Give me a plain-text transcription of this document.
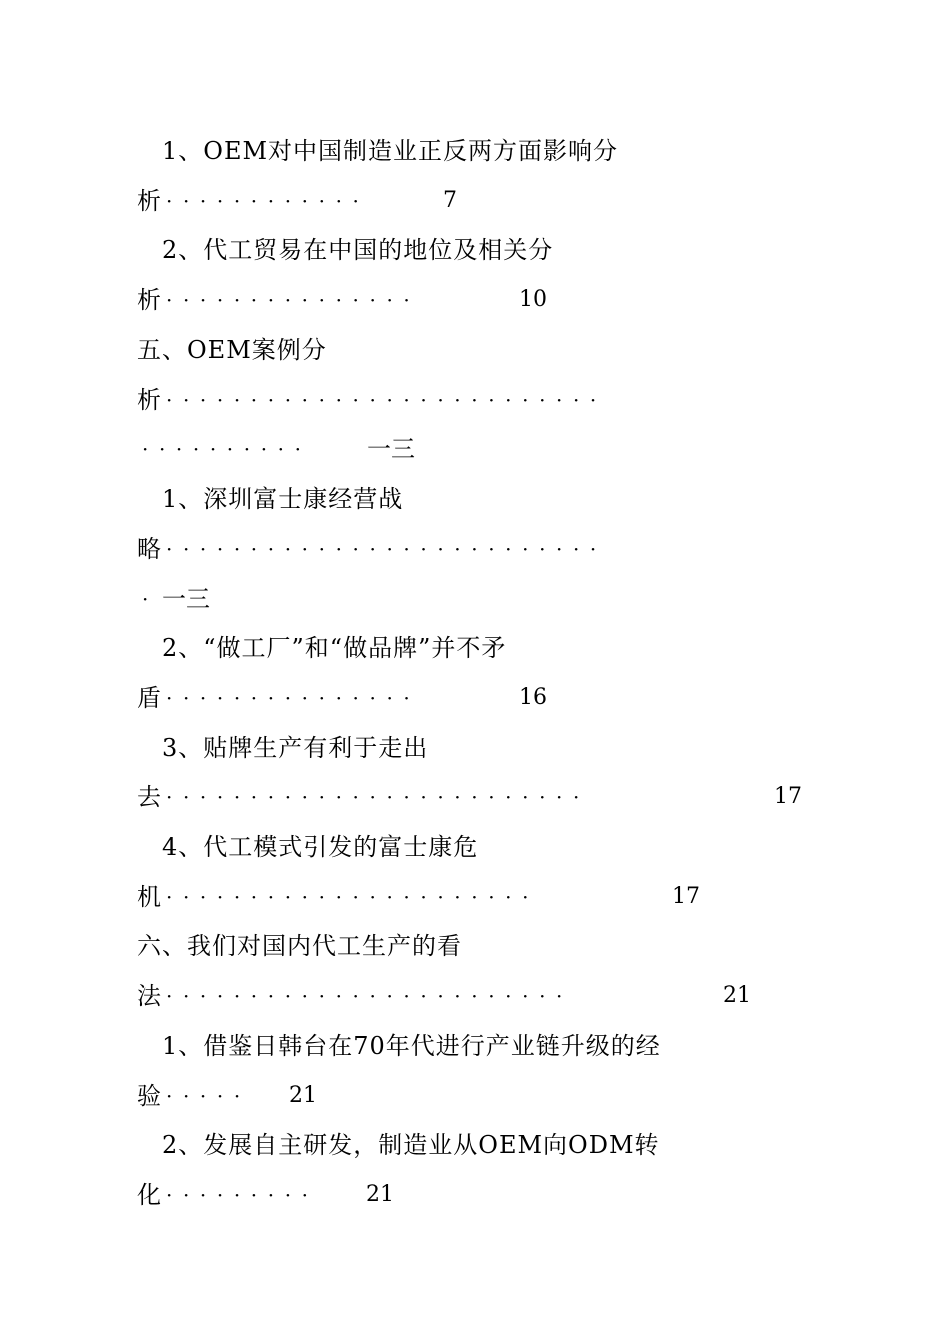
1、OEM对中国制造业正反两方面影响分
析 ············	7
2、代工贸易在中国的地位及相关分
析 ···············	10
五、OEM案例分
析 ··························
·········· 一三
1、深圳富士康经营战
略 ··························
· 一三
2、“做工厂”和“做品牌”并不矛
盾 ···············	16
3、贴牌生产有利于走出
去 ·························	17
4、代工模式引发的富士康危
机 ······················	17
六、我们对国内代工生产的看
法 ························	21
1、借鉴日韩台在70年代进行产业链升级的经
验 ····· 21
2、发展自主研发，制造业从OEM向ODM转
化 ········· 21
